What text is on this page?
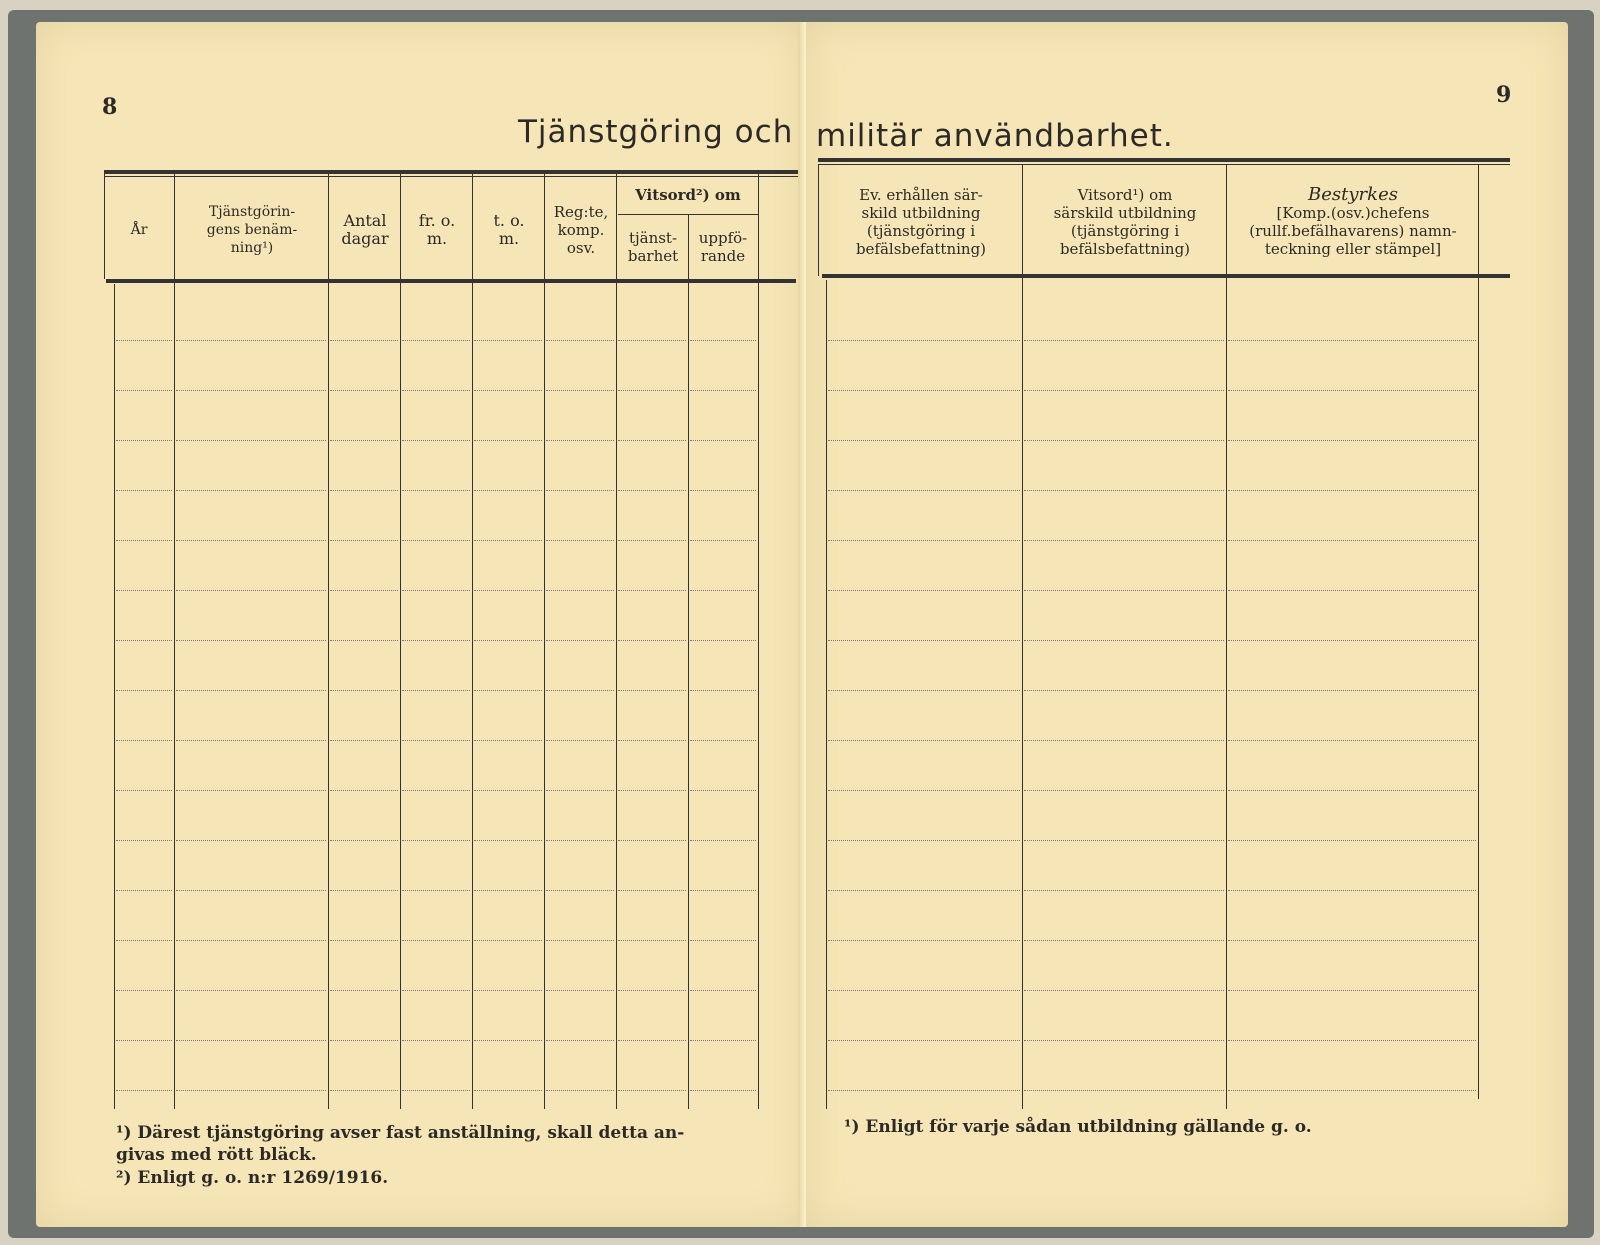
8
Tjänstgöring och
År
Tjänstgörin-
gens benäm-
ning¹)
Antal
dagar
fr. o.
m.
t. o.
m.
Reg:te,
komp.
osv.
Vitsord²) om
tjänst-
barhet
uppfö-
rande
¹) Därest tjänstgöring avser fast anställning, skall detta an-
givas med rött bläck.
²) Enligt g. o. n:r 1269/1916.
9
militär användbarhet.
Ev. erhållen sär-
skild utbildning
(tjänstgöring i
befälsbefattning)
Vitsord¹) om
särskild utbildning
(tjänstgöring i
befälsbefattning)
Bestyrkes
[Komp.(osv.)chefens
(rullf.befälhavarens) namn-
teckning eller stämpel]
¹) Enligt för varje sådan utbildning gällande g. o.
